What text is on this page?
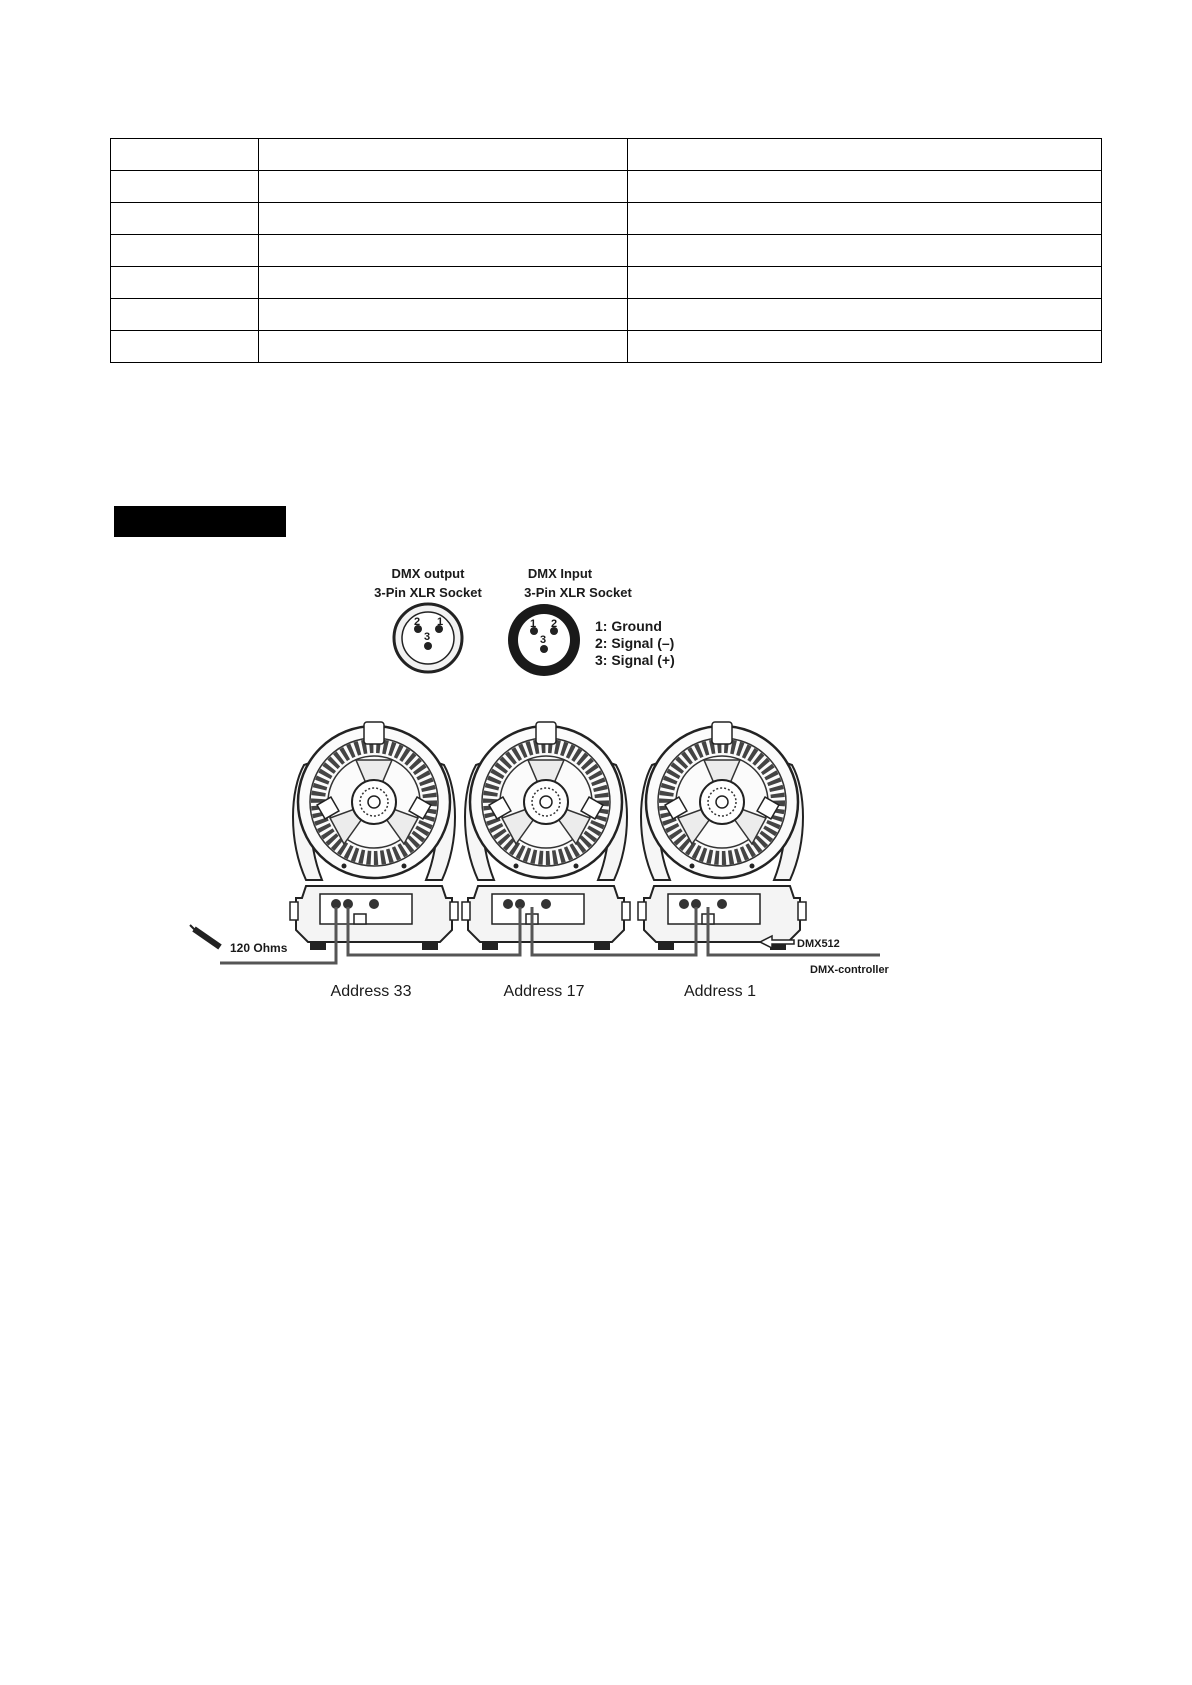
DMX output
3-Pin XLR Socket
2 1
3
DMX Input
3-Pin XLR Socket
1 2
3
1: Ground
2: Signal (–)
3: Signal (+)
120 Ohms	DMX512
DMX-controller
Address 33	Address 17	Address 1
